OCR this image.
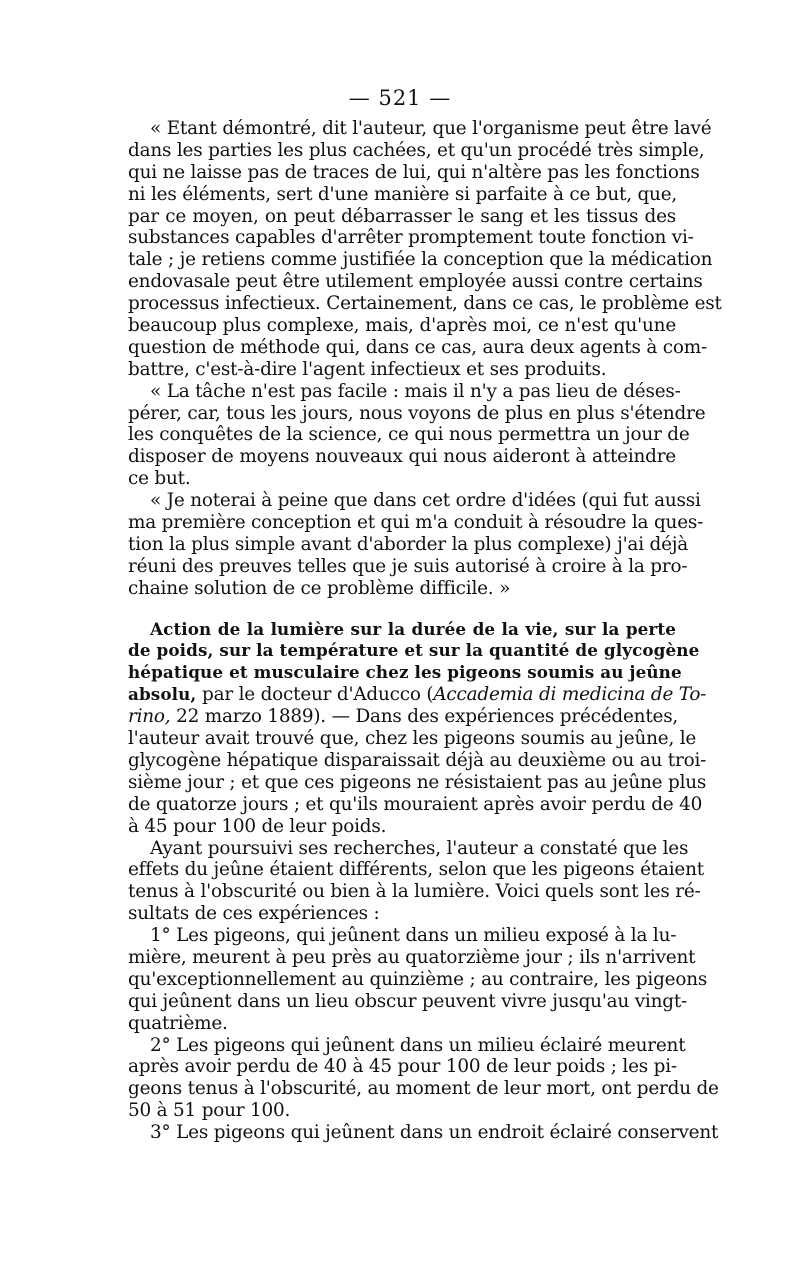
— 521 —
« Etant démontré, dit l'auteur, que l'organisme peut être lavé
dans les parties les plus cachées, et qu'un procédé très simple,
qui ne laisse pas de traces de lui, qui n'altère pas les fonctions
ni les éléments, sert d'une manière si parfaite à ce but, que,
par ce moyen, on peut débarrasser le sang et les tissus des
substances capables d'arrêter promptement toute fonction vi-
tale ; je retiens comme justifiée la conception que la médication
endovasale peut être utilement employée aussi contre certains
processus infectieux. Certainement, dans ce cas, le problème est
beaucoup plus complexe, mais, d'après moi, ce n'est qu'une
question de méthode qui, dans ce cas, aura deux agents à com-
battre, c'est-à-dire l'agent infectieux et ses produits.
« La tâche n'est pas facile : mais il n'y a pas lieu de déses-
pérer, car, tous les jours, nous voyons de plus en plus s'étendre
les conquêtes de la science, ce qui nous permettra un jour de
disposer de moyens nouveaux qui nous aideront à atteindre
ce but.
« Je noterai à peine que dans cet ordre d'idées (qui fut aussi
ma première conception et qui m'a conduit à résoudre la ques-
tion la plus simple avant d'aborder la plus complexe) j'ai déjà
réuni des preuves telles que je suis autorisé à croire à la pro-
chaine solution de ce problème difficile. »
Action de la lumière sur la durée de la vie, sur la perte
de poids, sur la température et sur la quantité de glycogène
hépatique et musculaire chez les pigeons soumis au jeûne
absolu, par le docteur d'Aducco (Accademia di medicina de To-
rino, 22 marzo 1889). — Dans des expériences précédentes,
l'auteur avait trouvé que, chez les pigeons soumis au jeûne, le
glycogène hépatique disparaissait déjà au deuxième ou au troi-
sième jour ; et que ces pigeons ne résistaient pas au jeûne plus
de quatorze jours ; et qu'ils mouraient après avoir perdu de 40
à 45 pour 100 de leur poids.
Ayant poursuivi ses recherches, l'auteur a constaté que les
effets du jeûne étaient différents, selon que les pigeons étaient
tenus à l'obscurité ou bien à la lumière. Voici quels sont les ré-
sultats de ces expériences :
1° Les pigeons, qui jeûnent dans un milieu exposé à la lu-
mière, meurent à peu près au quatorzième jour ; ils n'arrivent
qu'exceptionnellement au quinzième ; au contraire, les pigeons
qui jeûnent dans un lieu obscur peuvent vivre jusqu'au vingt-
quatrième.
2° Les pigeons qui jeûnent dans un milieu éclairé meurent
après avoir perdu de 40 à 45 pour 100 de leur poids ; les pi-
geons tenus à l'obscurité, au moment de leur mort, ont perdu de
50 à 51 pour 100.
3° Les pigeons qui jeûnent dans un endroit éclairé conservent
